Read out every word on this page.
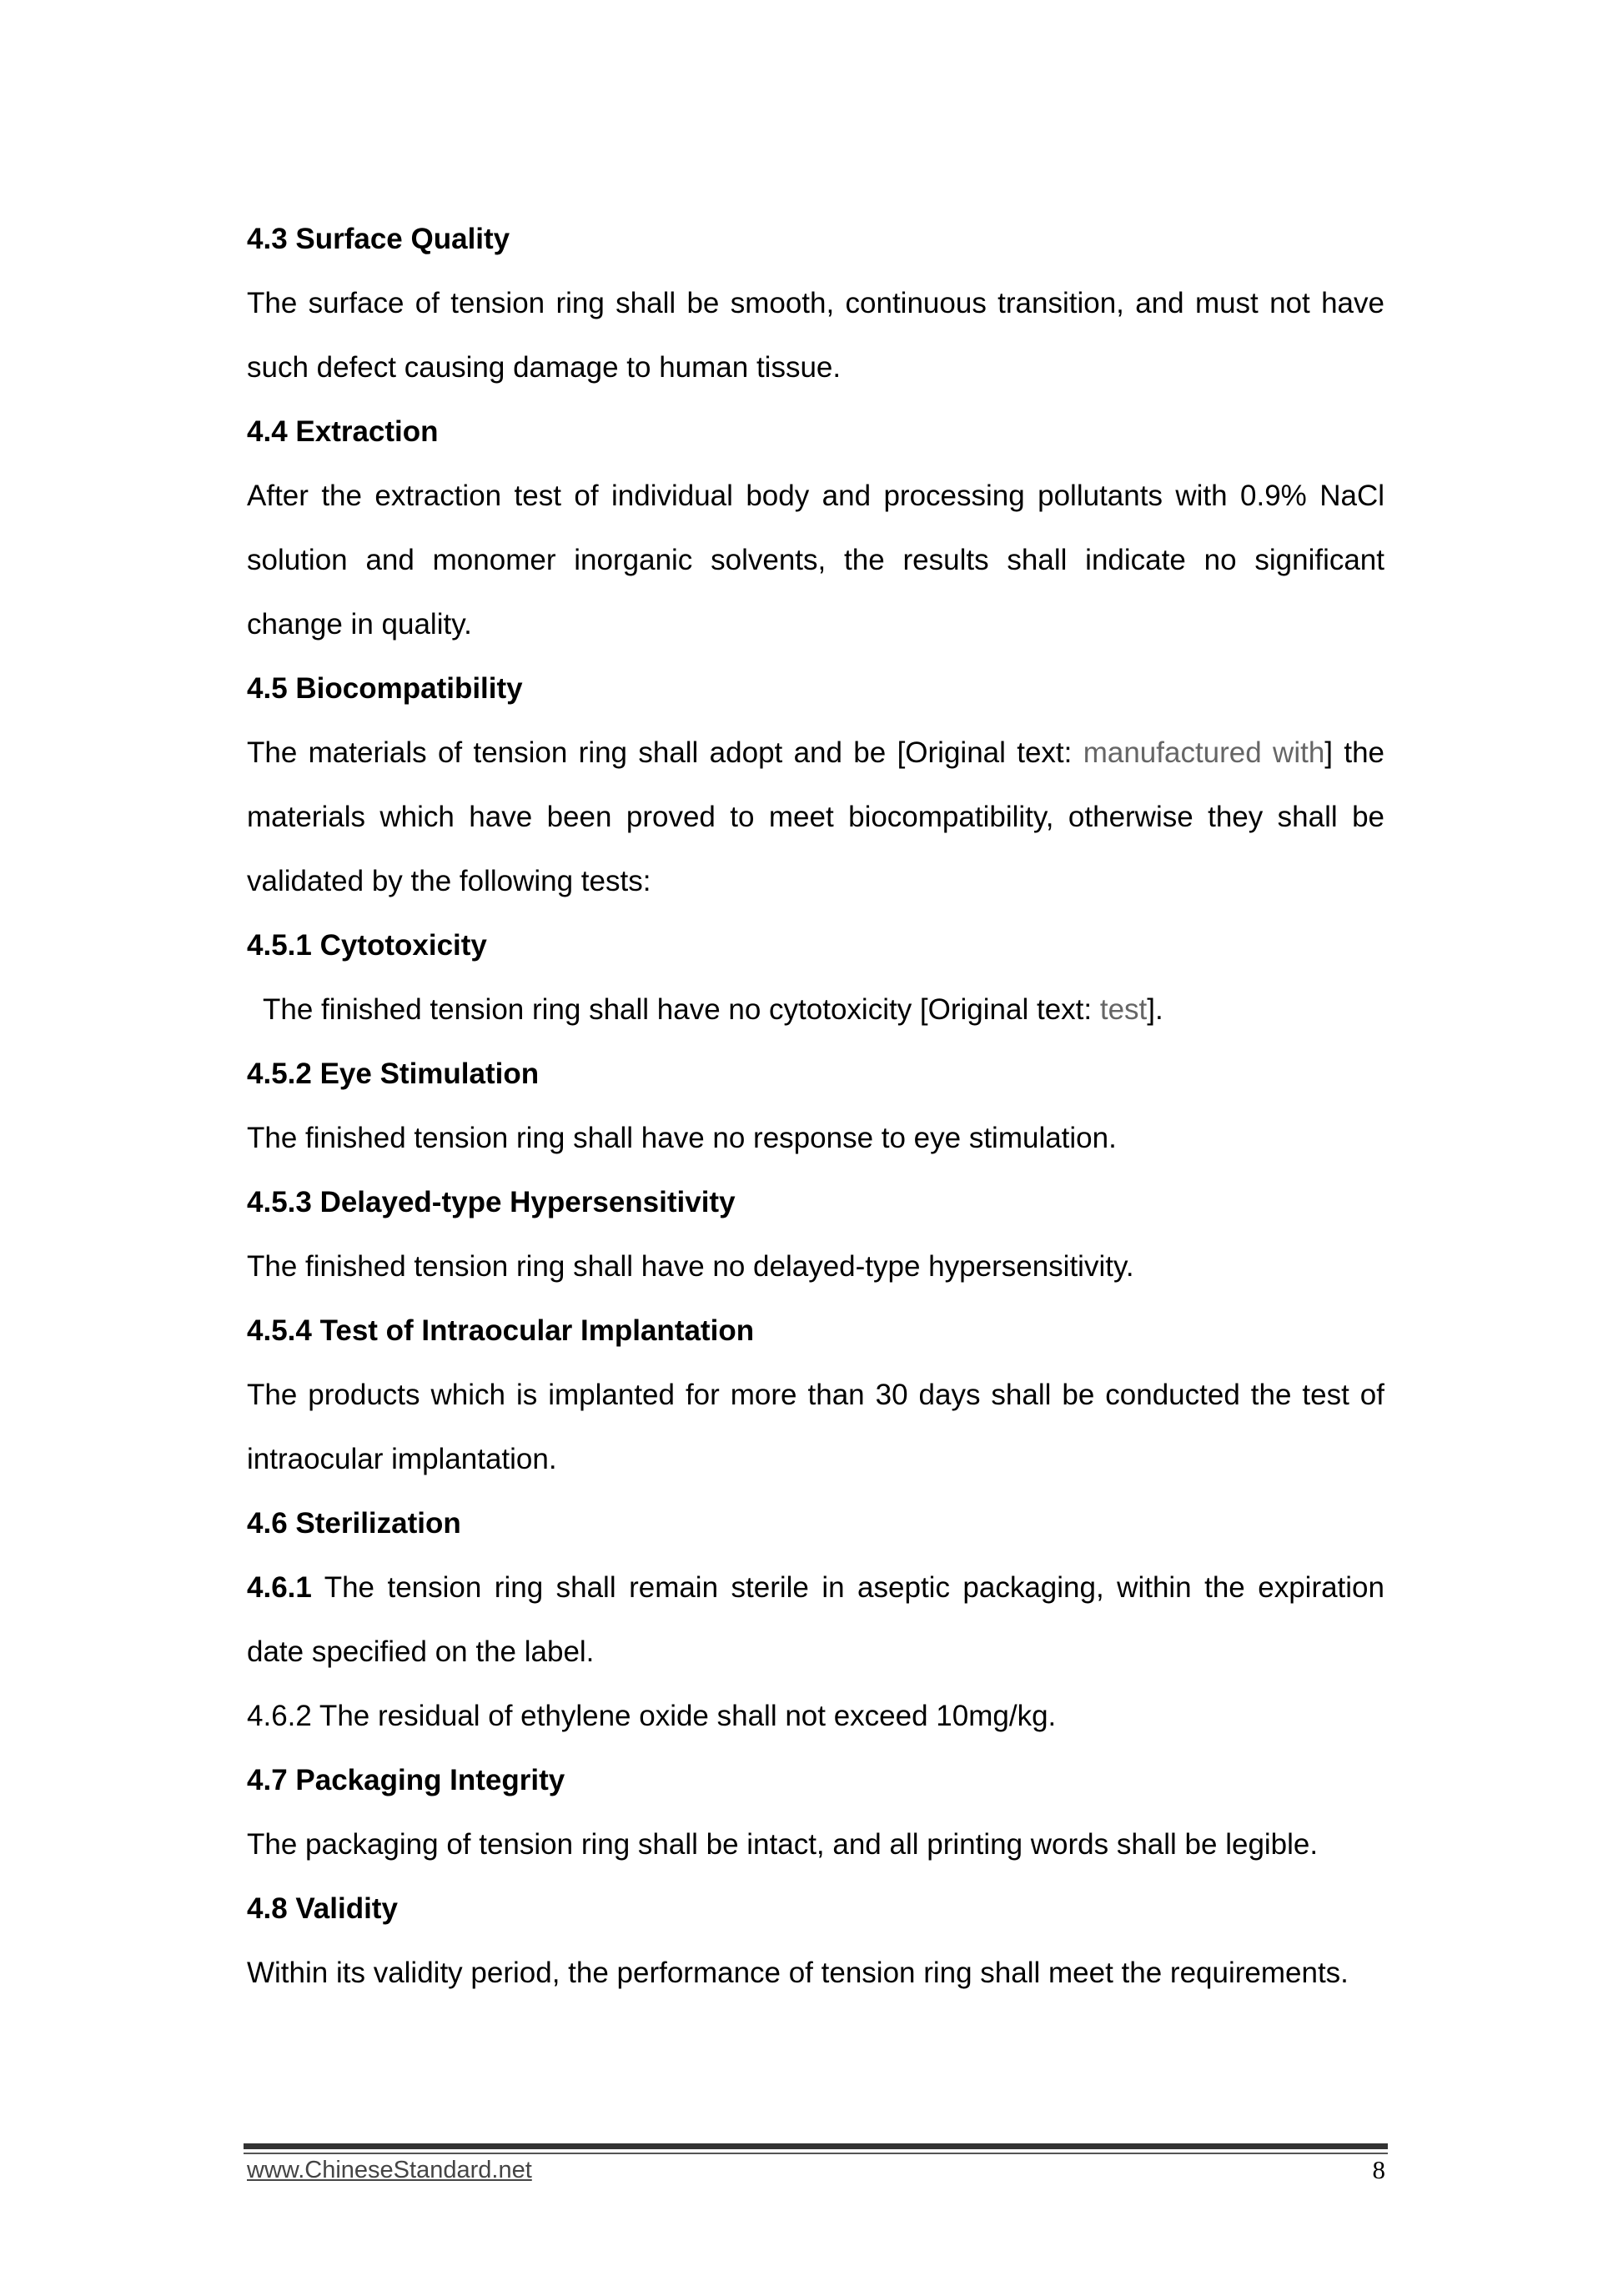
4.3 Surface Quality
The surface of tension ring shall be smooth, continuous transition, and must not have
such defect causing damage to human tissue.
4.4 Extraction
After the extraction test of individual body and processing pollutants with 0.9% NaCl
solution and monomer inorganic solvents, the results shall indicate no significant
change in quality.
4.5 Biocompatibility
The materials of tension ring shall adopt and be [Original text: manufactured with] the
materials which have been proved to meet biocompatibility, otherwise they shall be
validated by the following tests:
4.5.1 Cytotoxicity
The finished tension ring shall have no cytotoxicity [Original text: test].
4.5.2 Eye Stimulation
The finished tension ring shall have no response to eye stimulation.
4.5.3 Delayed-type Hypersensitivity
The finished tension ring shall have no delayed-type hypersensitivity.
4.5.4 Test of Intraocular Implantation
The products which is implanted for more than 30 days shall be conducted the test of
intraocular implantation.
4.6 Sterilization
4.6.1 The tension ring shall remain sterile in aseptic packaging, within the expiration
date specified on the label.
4.6.2 The residual of ethylene oxide shall not exceed 10mg/kg.
4.7 Packaging Integrity
The packaging of tension ring shall be intact, and all printing words shall be legible.
4.8 Validity
Within its validity period, the performance of tension ring shall meet the requirements.
www.ChineseStandard.net	8
